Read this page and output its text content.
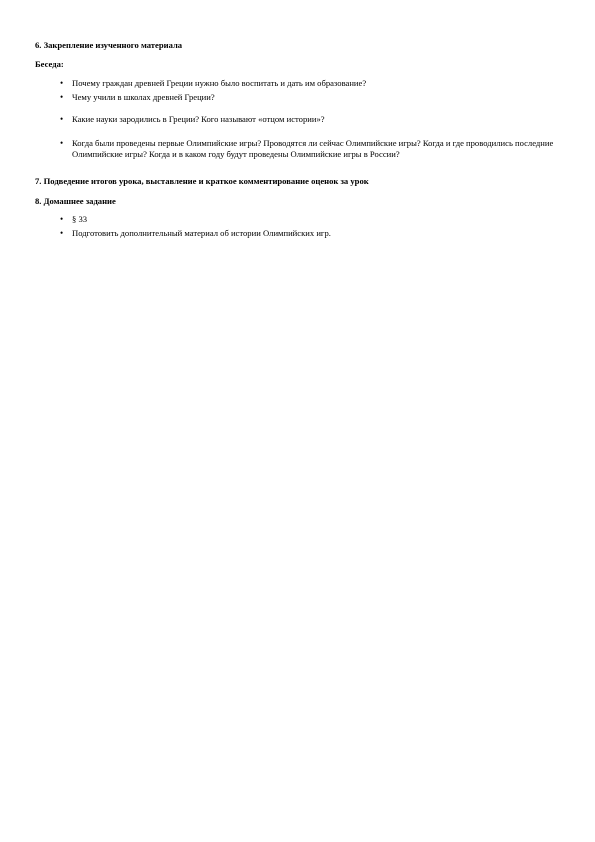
6. Закрепление изученного материала
Беседа:
• Почему граждан древней Греции нужно было воспитать и дать им образование?
• Чему учили в школах древней Греции?
• Какие науки зародились в Греции? Кого называют «отцом истории»?
• Когда были проведены первые Олимпийские игры? Проводятся ли сейчас Олимпийские игры? Когда и где проводились последние Олимпийские игры? Когда и в каком году будут проведены Олимпийские игры в России?
7. Подведение итогов урока, выставление и краткое комментирование оценок за урок
8. Домашнее задание
• § 33
• Подготовить дополнительный материал об истории Олимпийских игр.
